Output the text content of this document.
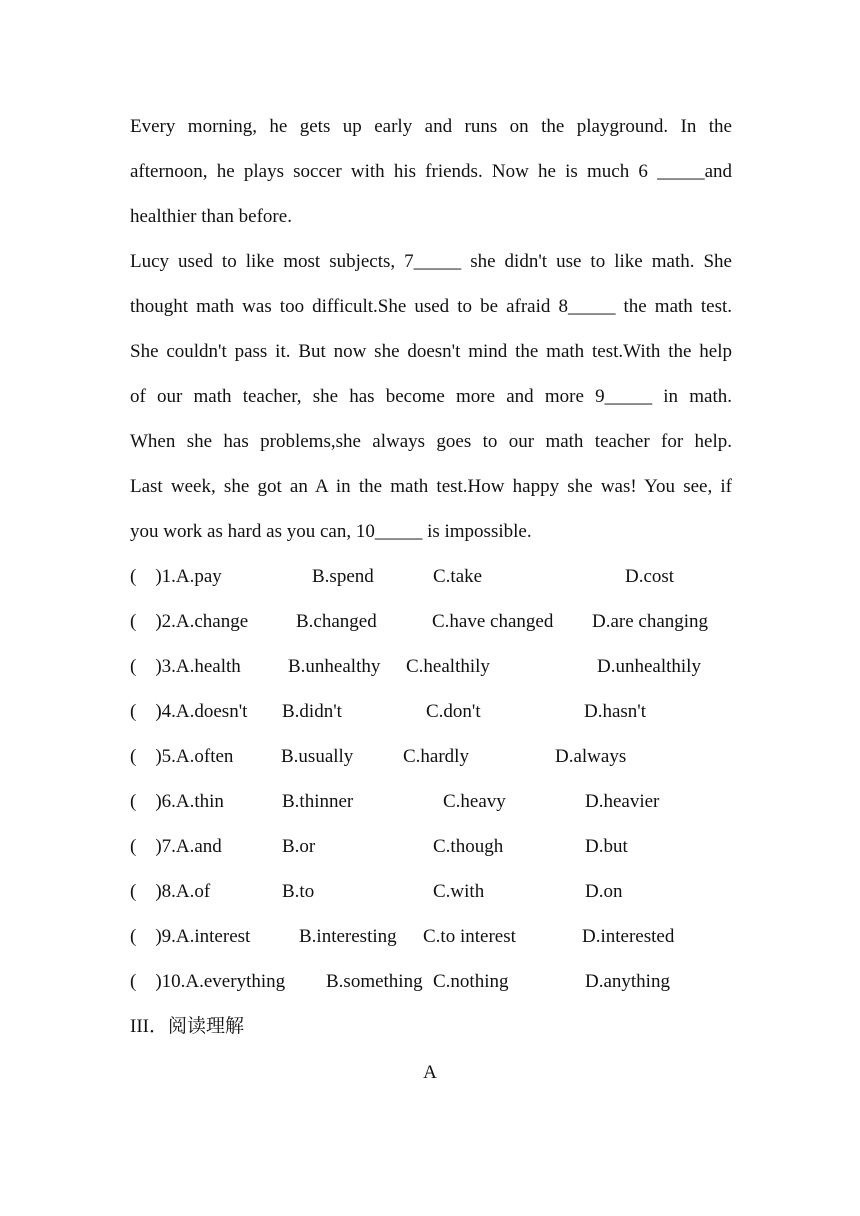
Every morning, he gets up early and runs on the playground. In the
afternoon, he plays soccer with his friends. Now he is much 6 _____and
healthier than before.
Lucy used to like most subjects, 7_____ she didn't use to like math. She
thought math was too difficult.She used to be afraid 8_____ the math test.
She couldn't pass it. But now she doesn't mind the math test.With the help
of our math teacher, she has become more and more 9_____ in math.
When she has problems,she always goes to our math teacher for help.
Last week, she got an A in the math test.How happy she was! You see, if
you work as hard as you can, 10_____ is impossible.
(    )1.A.pay	B.spend	C.take	D.cost
(    )2.A.change	B.changed	C.have changed D.are changing
(    )3.A.health B.unhealthy C.healthily	D.unhealthily
(    )4.A.doesn't B.didn't	C.don't	D.hasn't
(    )5.A.often	B.usually	C.hardly	D.always
(    )6.A.thin	B.thinner	C.heavy	D.heavier
(    )7.A.and	B.or	C.though	D.but
(    )8.A.of	B.to	C.with	D.on
(    )9.A.interest	B.interesting C.to interest	D.interested
(    )10.A.everything B.something C.nothing	D.anything
III．阅读理解
A
